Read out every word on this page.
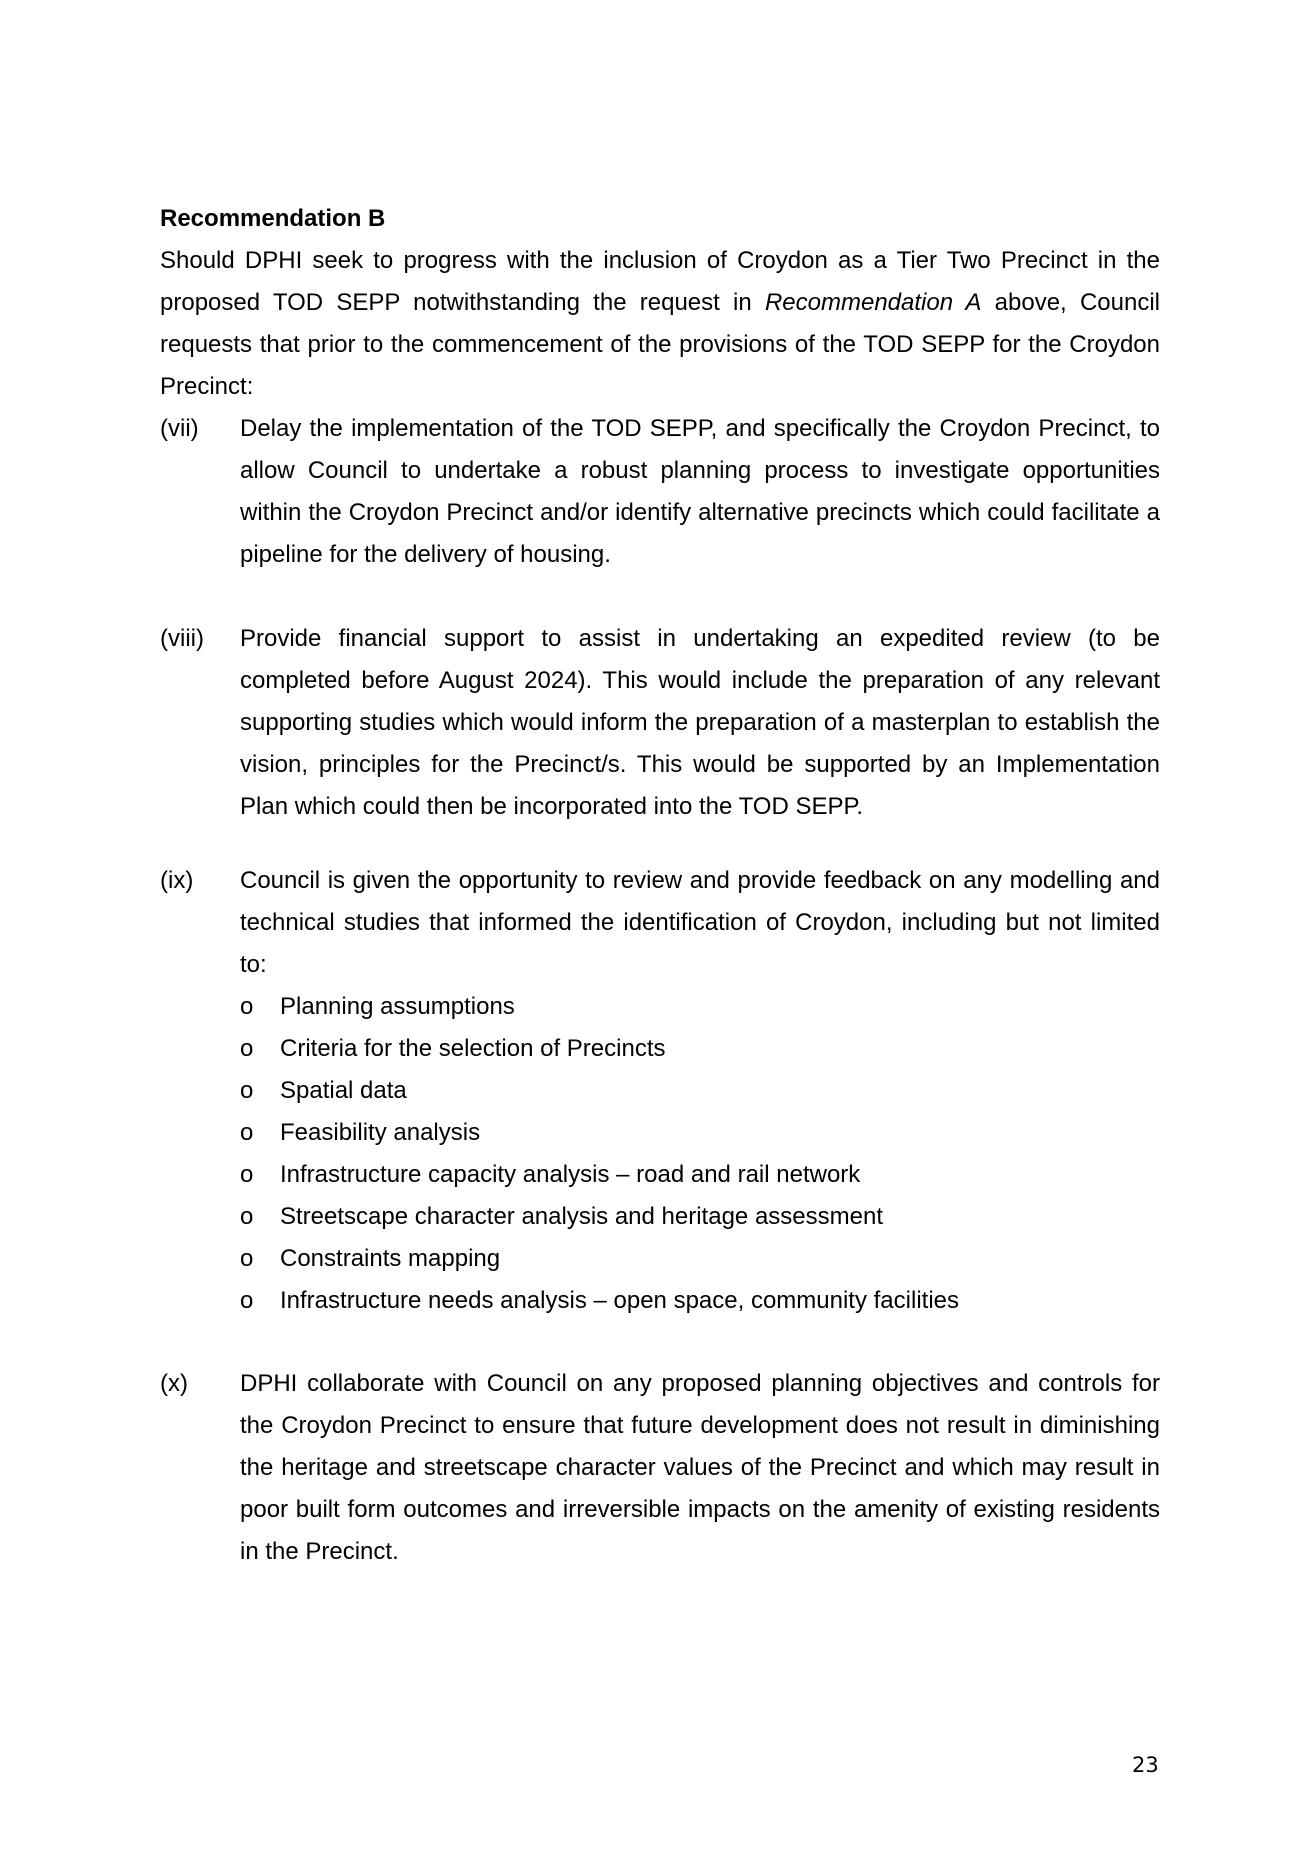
Recommendation B

Should DPHI seek to progress with the inclusion of Croydon as a Tier Two Precinct in the proposed TOD SEPP notwithstanding the request in Recommendation A above, Council requests that prior to the commencement of the provisions of the TOD SEPP for the Croydon Precinct:

(vii)	Delay the implementation of the TOD SEPP, and specifically the Croydon Precinct, to allow Council to undertake a robust planning process to investigate opportunities within the Croydon Precinct and/or identify alternative precincts which could facilitate a pipeline for the delivery of housing.

(viii)	Provide financial support to assist in undertaking an expedited review (to be completed before August 2024). This would include the preparation of any relevant supporting studies which would inform the preparation of a masterplan to establish the vision, principles for the Precinct/s. This would be supported by an Implementation Plan which could then be incorporated into the TOD SEPP.

(ix)	Council is given the opportunity to review and provide feedback on any modelling and technical studies that informed the identification of Croydon, including but not limited to:

o	Planning assumptions
o	Criteria for the selection of Precincts
o	Spatial data
o	Feasibility analysis
o	Infrastructure capacity analysis – road and rail network
o	Streetscape character analysis and heritage assessment
o	Constraints mapping
o	Infrastructure needs analysis – open space, community facilities
(x)	DPHI collaborate with Council on any proposed planning objectives and controls for the Croydon Precinct to ensure that future development does not result in diminishing the heritage and streetscape character values of the Precinct and which may result in poor built form outcomes and irreversible impacts on the amenity of existing residents in the Precinct.

23
